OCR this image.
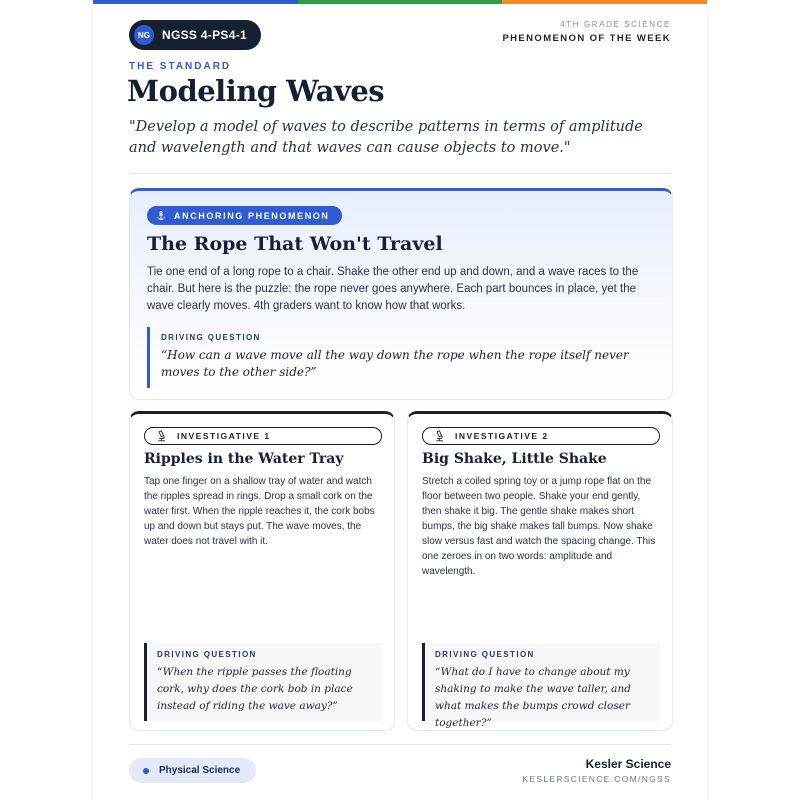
NG	NGSS 4-PS4-1
4TH GRADE SCIENCE
PHENOMENON OF THE WEEK
THE STANDARD
Modeling Waves

"Develop a model of waves to describe patterns in terms of amplitude and wavelength and that waves can cause objects to move."

ANCHORING PHENOMENON
The Rope That Won't Travel

Tie one end of a long rope to a chair. Shake the other end up and down, and a wave races to the chair. But here is the puzzle: the rope never goes anywhere. Each part bounces in place, yet the wave clearly moves. 4th graders want to know how that works.

DRIVING QUESTION
“How can a wave move all the way down the rope when the rope itself never moves to the other side?”
INVESTIGATIVE 1
Ripples in the Water Tray

Tap one finger on a shallow tray of water and watch the ripples spread in rings. Drop a small cork on the water first. When the ripple reaches it, the cork bobs up and down but stays put. The wave moves, the water does not travel with it.

DRIVING QUESTION
“When the ripple passes the floating cork, why does the cork bob in place instead of riding the wave away?”
INVESTIGATIVE 2
Big Shake, Little Shake

Stretch a coiled spring toy or a jump rope flat on the floor between two people. Shake your end gently, then shake it big. The gentle shake makes short bumps, the big shake makes tall bumps. Now shake slow versus fast and watch the spacing change. This one zeroes in on two words: amplitude and wavelength.

DRIVING QUESTION
“What do I have to change about my shaking to make the wave taller, and what makes the bumps crowd closer together?”
Physical Science	Kesler Science
KESLERSCIENCE.COM/NGSS
